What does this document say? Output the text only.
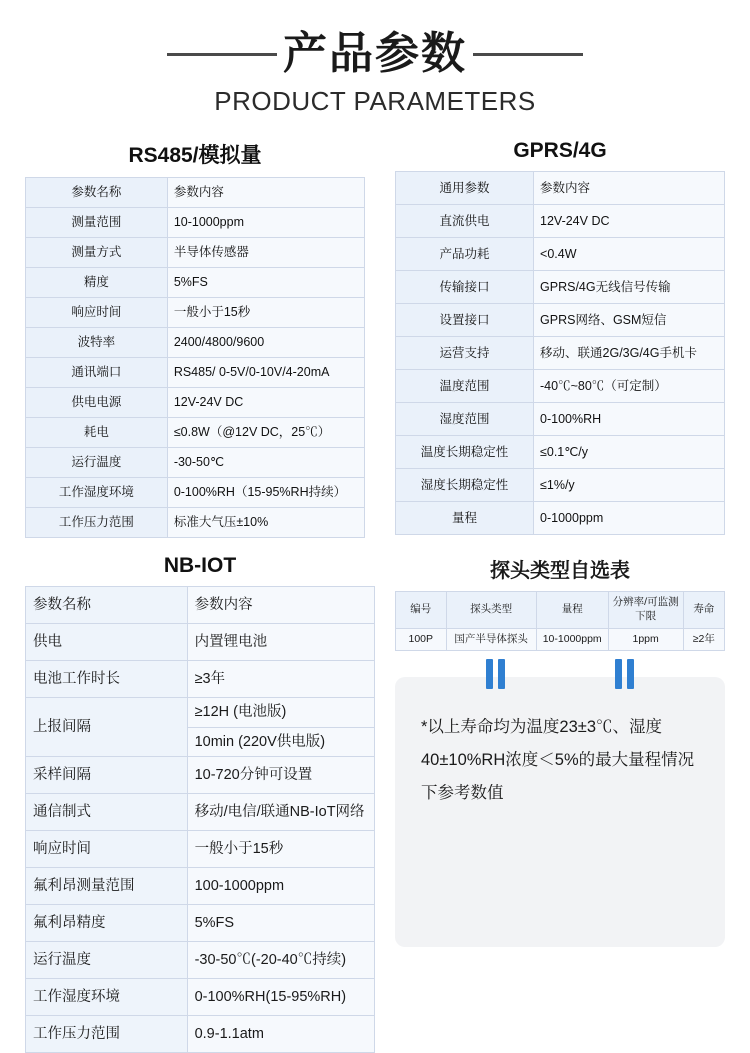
产品参数
PRODUCT PARAMETERS
RS485/模拟量
参数名称	参数内容
测量范围	10-1000ppm
测量方式	半导体传感器
精度	5%FS
响应时间	一般小于15秒
波特率	2400/4800/9600
通讯端口	RS485/ 0-5V/0-10V/4-20mA
供电电源	12V-24V DC
耗电	≤0.8W（@12V DC，25℃）
运行温度	-30-50℃
工作湿度环境	0-100%RH（15-95%RH持续）
工作压力范围	标准大气压±10%
GPRS/4G
通用参数	参数内容
直流供电	12V-24V DC
产品功耗	<0.4W
传输接口	GPRS/4G无线信号传输
设置接口	GPRS网络、GSM短信
运营支持	移动、联通2G/3G/4G手机卡
温度范围	-40℃~80℃（可定制）
湿度范围	0-100%RH
温度长期稳定性	≤0.1℃/y
湿度长期稳定性	≤1%/y
量程	0-1000ppm
NB-IOT
参数名称	参数内容
供电	内置锂电池
电池工作时长	≥3年
上报间隔	≥12H (电池版)
10min (220V供电版)

采样间隔	10-720分钟可设置
通信制式	移动/电信/联通NB-IoT网络
响应时间	一般小于15秒
氟利昂测量范围	100-1000ppm
氟利昂精度	5%FS
运行温度	-30-50℃(-20-40℃持续)
工作湿度环境	0-100%RH(15-95%RH)
工作压力范围	0.9-1.1atm
探头类型自选表
编号	探头类型	量程	分辨率/可监测下限	寿命
100P	国产半导体探头	10-1000ppm	1ppm	≥2年
*以上寿命均为温度23±3℃、湿度40±10%RH浓度＜5%的最大量程情况下参考数值
